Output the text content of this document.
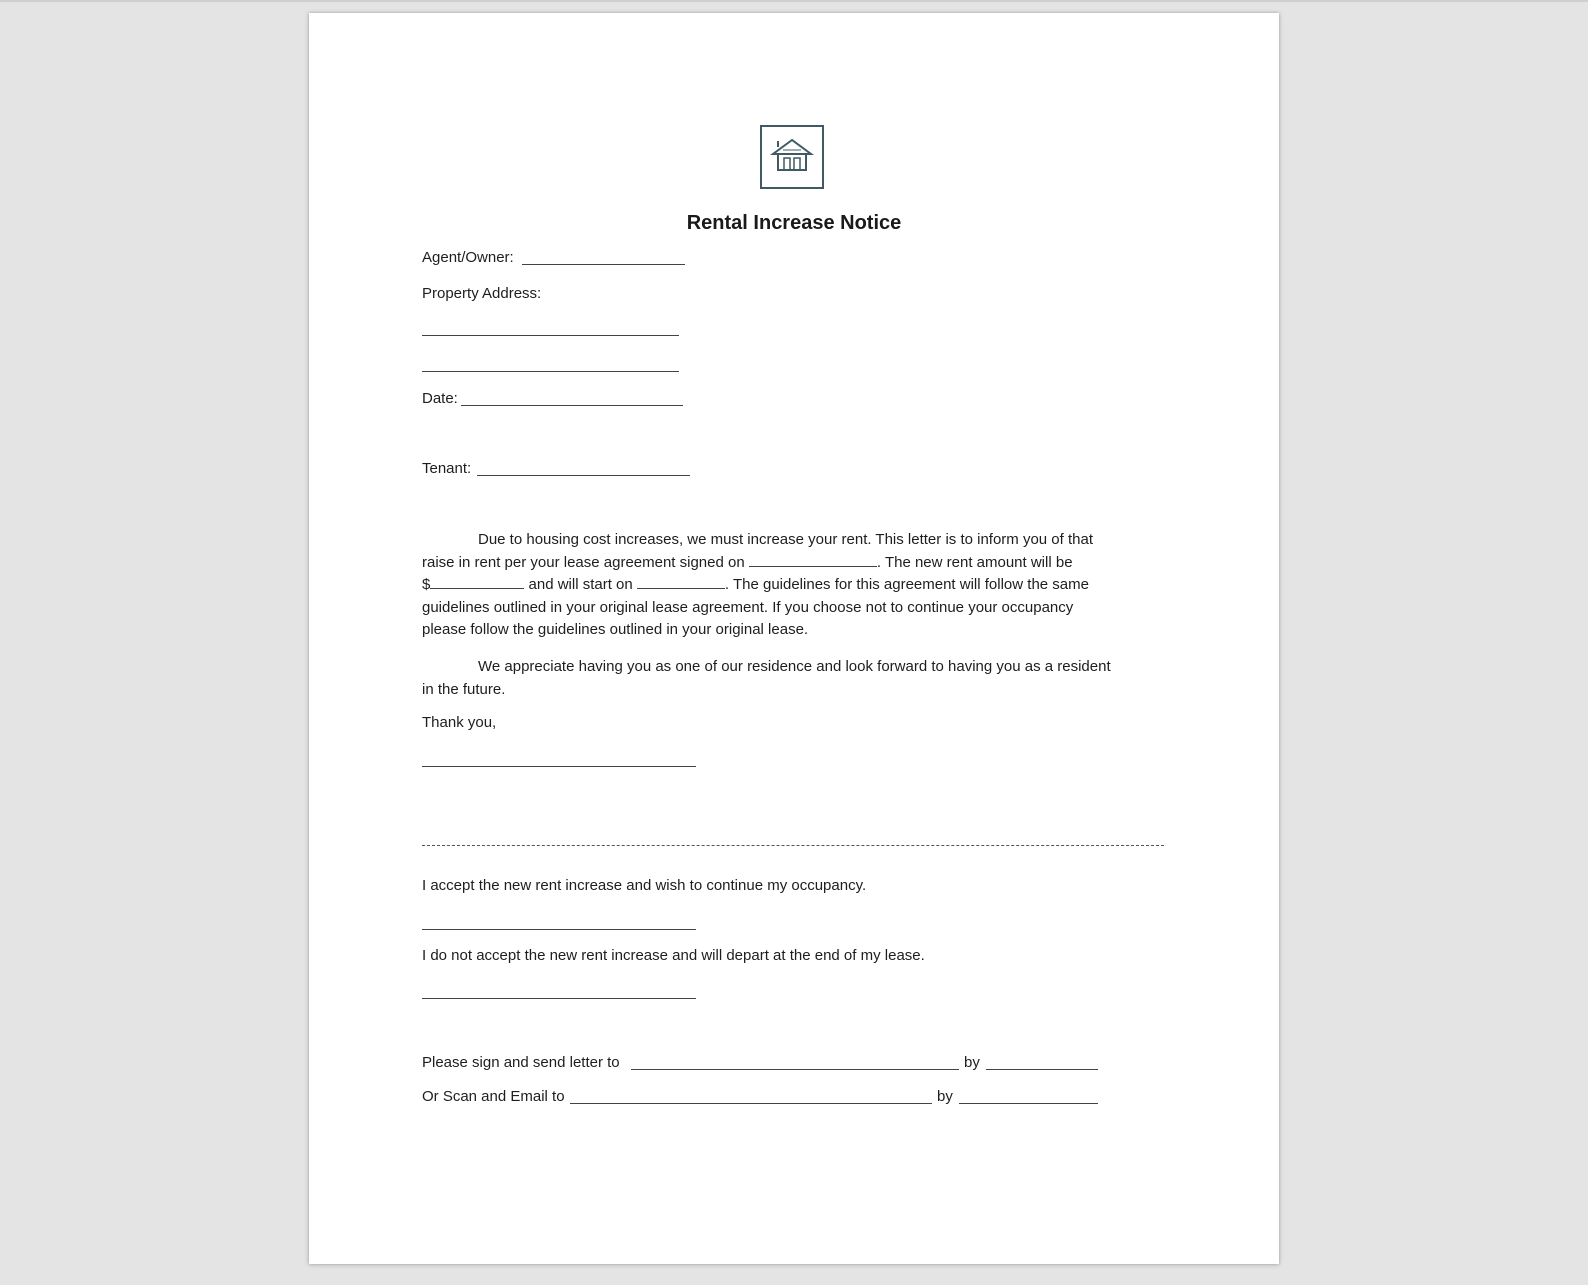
Rental Increase Notice
Agent/Owner:
Property Address:
Date:
Tenant:

Due to housing cost increases, we must increase your rent. This letter is to inform you of that

raise in rent per your lease agreement signed on	. The new rent amount will be

$	and will start on	. The guidelines for this agreement will follow the same

guidelines outlined in your original lease agreement. If you choose not to continue your occupancy

please follow the guidelines outlined in your original lease.

We appreciate having you as one of our residence and look forward to having you as a resident

in the future.

Thank you,
I accept the new rent increase and wish to continue my occupancy.
I do not accept the new rent increase and will depart at the end of my lease.
Please sign and send letter to	by
Or Scan and Email to	by
